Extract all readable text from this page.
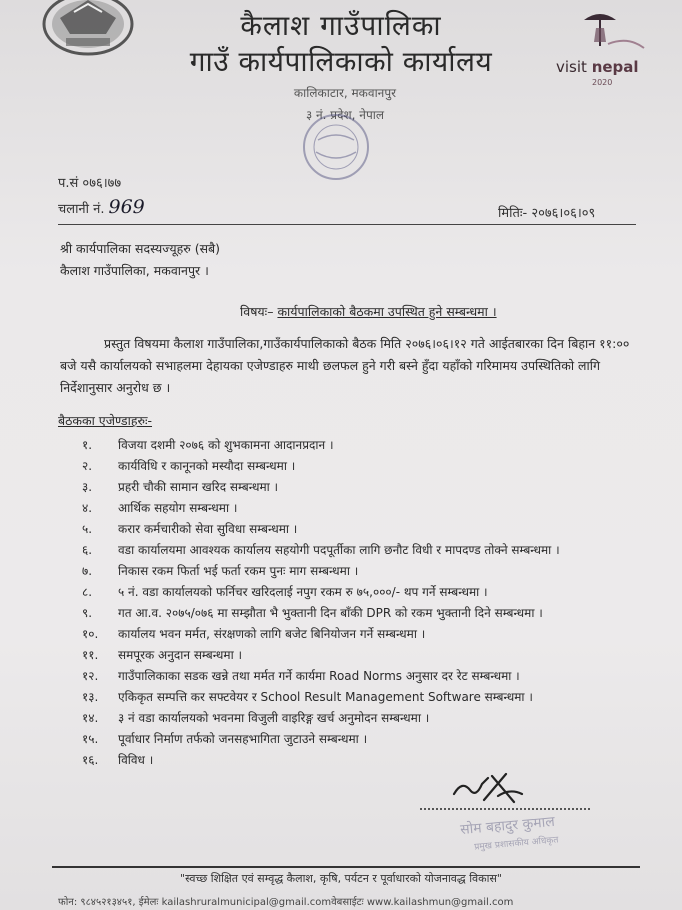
कैलाश गाउँपालिका
गाउँ कार्यपालिकाको कार्यालय
कालिकाटार, मकवानपुर
३ नं. प्रदेश, नेपाल
visit nepal
2020
प.सं ०७६।७७
चलानी नं. 969	मितिः- २०७६।०६।०९
श्री कार्यपालिका सदस्यज्यूहरु (सबै)
कैलाश गाउँपालिका, मकवानपुर ।
विषयः– कार्यपालिकाको बैठकमा उपस्थित हुने सम्बन्धमा ।
प्रस्तुत विषयमा कैलाश गाउँपालिका,गाउँकार्यपालिकाको बैठक मिति २०७६।०६।१२ गते आईतबारका दिन बिहान ११:०० बजे यसै कार्यालयको सभाहलमा देहायका एजेण्डाहरु माथी छलफल हुने गरी बस्ने हुँदा यहाँको गरिमामय उपस्थितिको लागि निर्देशानुसार अनुरोध छ ।
बैठकका एजेण्डाहरुः-
१.	विजया दशमी २०७६ को शुभकामना आदानप्रदान ।
२.	कार्यविधि र कानूनको मस्यौदा सम्बन्धमा ।
३.	प्रहरी चौकी सामान खरिद सम्बन्धमा ।
४.	आर्थिक सहयोग सम्बन्धमा ।
५.	करार कर्मचारीको सेवा सुविधा सम्बन्धमा ।
६.	वडा कार्यालयमा आवश्यक कार्यालय सहयोगी पदपूर्तीका लागि छनौट विधी र मापदण्ड तोक्ने सम्बन्धमा ।
७.	निकास रकम फिर्ता भई फर्ता रकम पुनः माग सम्बन्धमा ।
८.	५ नं. वडा कार्यालयको फर्निचर खरिदलाई नपुग रकम रु ७५,०००/- थप गर्ने सम्बन्धमा ।
९.	गत आ.व. २०७५/०७६ मा सम्झौता भै भुक्तानी दिन बाँकी DPR को रकम भुक्तानी दिने सम्बन्धमा ।
१०.	कार्यालय भवन मर्मत, संरक्षणको लागि बजेट बिनियोजन गर्ने सम्बन्धमा ।
११.	समपूरक अनुदान सम्बन्धमा ।
१२.	गाउँपालिकाका सडक खन्ने तथा मर्मत गर्ने कार्यमा Road Norms अनुसार दर रेट सम्बन्धमा ।
१३.	एकिकृत सम्पत्ति कर सफ्टवेयर र School Result Management Software सम्बन्धमा ।
१४.	३ नं वडा कार्यालयको भवनमा विजुली वाइरिङ्ग खर्च अनुमोदन सम्बन्धमा ।
१५.	पूर्वाधार निर्माण तर्फको जनसहभागिता जुटाउने सम्बन्धमा ।
१६.	विविध ।
सोम बहादुर कुमाल
प्रमुख प्रशासकीय अधिकृत
"स्वच्छ शिक्षित एवं सम्वृद्ध कैलाश, कृषि, पर्यटन र पूर्वाधारको योजनावद्ध विकास"
फोन: ९८४५२१३४५१, ईमेलः kailashruralmunicipal@gmail.comवेबसाईटः www.kailashmun@gmail.com
